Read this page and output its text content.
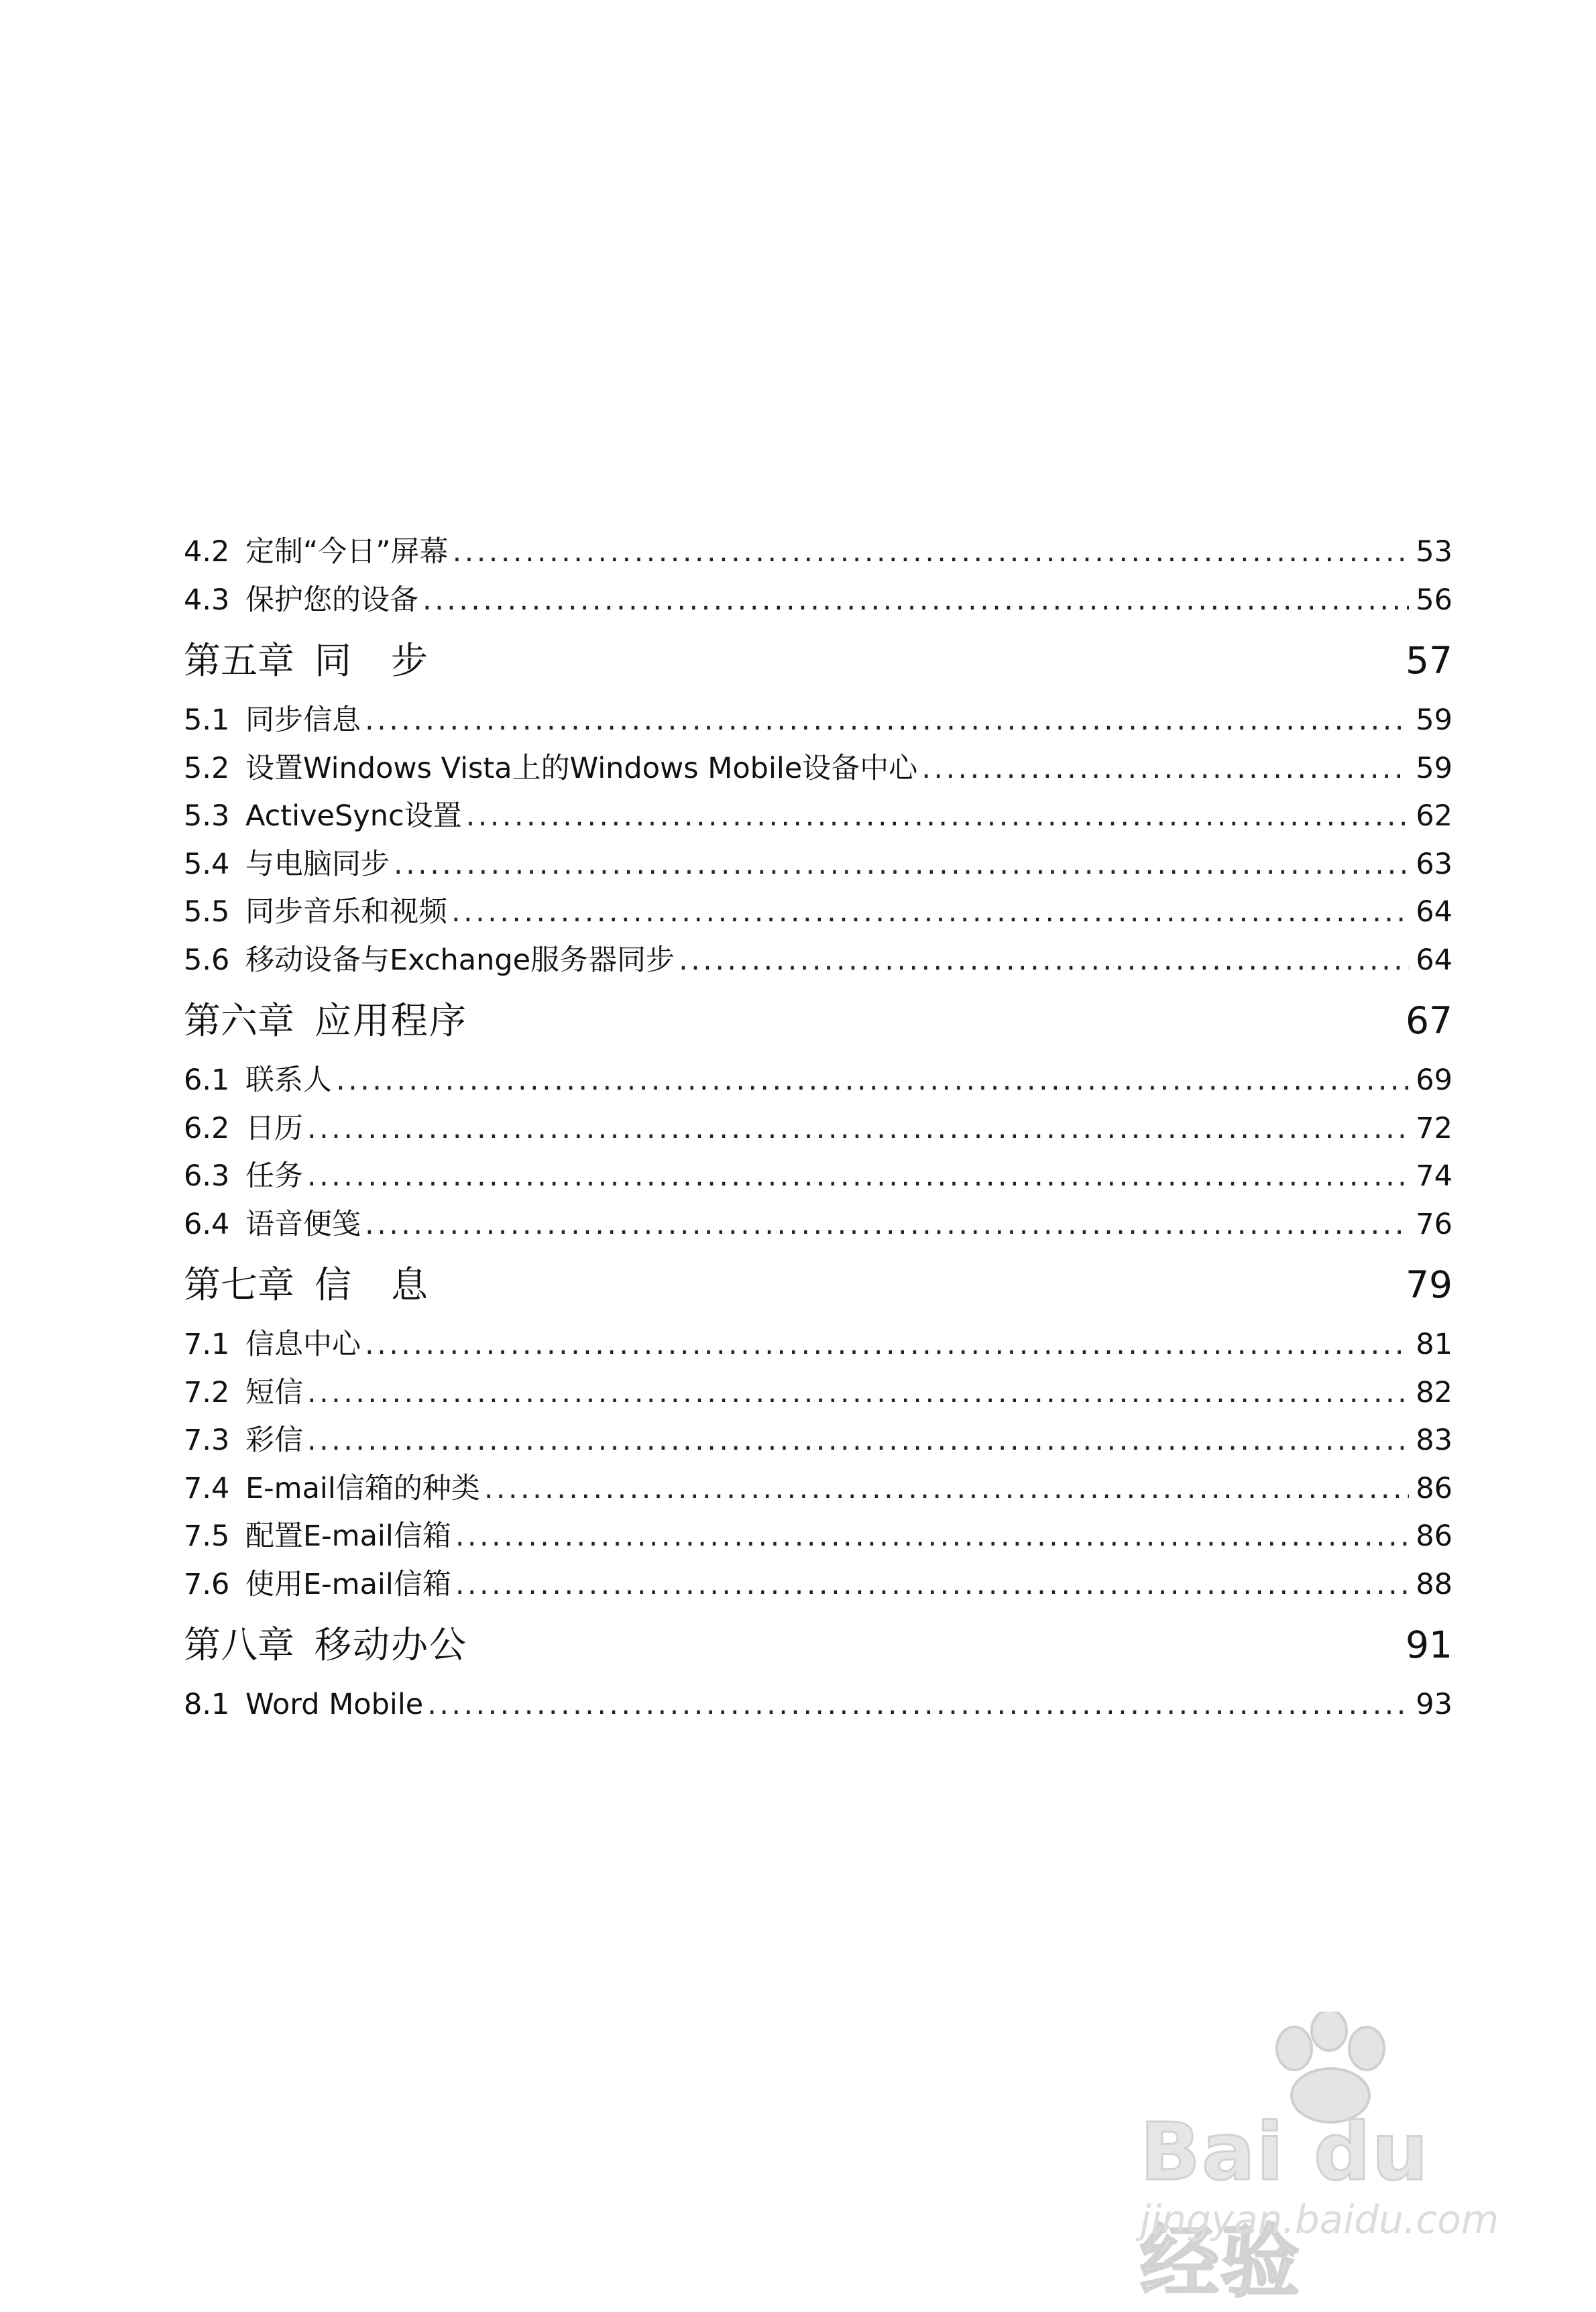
4.2 定制“今日”屏幕 .....	53
4.3 保护您的设备 .....	56
第五章 同　步	57
5.1 同步信息 .....	59
5.2 设置Windows Vista上的Windows Mobile设备中心 .....	59
5.3 ActiveSync设置 .....	62
5.4 与电脑同步 .....	63
5.5 同步音乐和视频 .....	64
5.6 移动设备与Exchange服务器同步 .....	64
第六章 应用程序	67
6.1 联系人 .....	69
6.2 日历 .....	72
6.3 任务 .....	74
6.4 语音便笺 .....	76
第七章 信　息	79
7.1 信息中心 .....	81
7.2 短信 .....	82
7.3 彩信 .....	83
7.4 E-mail信箱的种类 .....	86
7.5 配置E-mail信箱 .....	86
7.6 使用E-mail信箱 .....	88
第八章 移动办公	91
8.1 Word Mobile .....	93
Bai du 经验
jingyan.baidu.com
